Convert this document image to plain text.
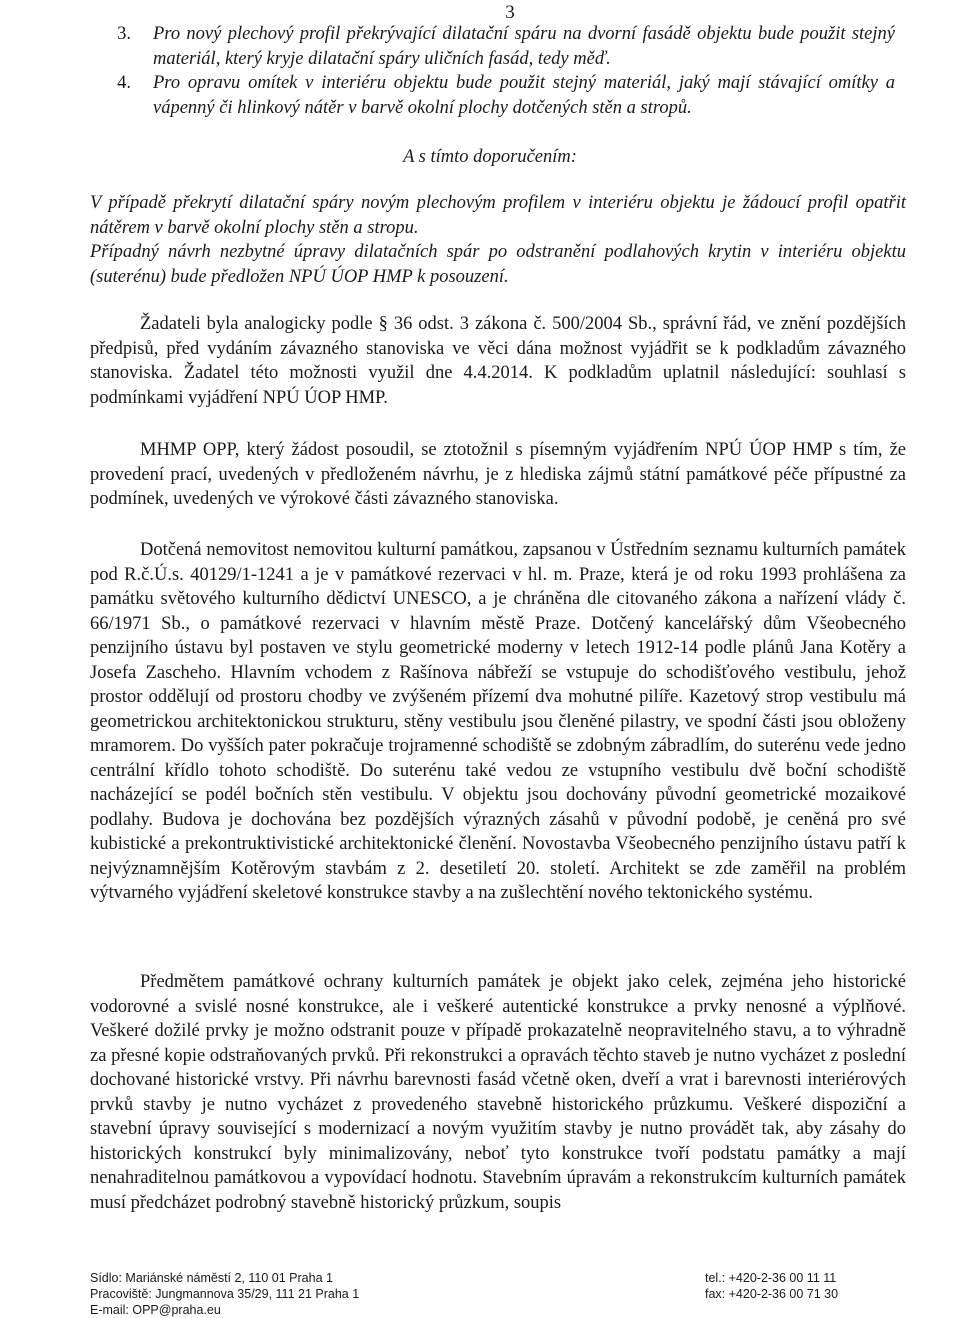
3
3. Pro nový plechový profil překrývající dilatační spáru na dvorní fasádě objektu bude použit stejný materiál, který kryje dilatační spáry uličních fasád, tedy měď.
4. Pro opravu omítek v interiéru objektu bude použit stejný materiál, jaký mají stávající omítky a vápenný či hlinkový nátěr v barvě okolní plochy dotčených stěn a stropů.
A s tímto doporučením:

V případě překrytí dilatační spáry novým plechovým profilem v interiéru objektu je žádoucí profil opatřit nátěrem v barvě okolní plochy stěn a stropu.

Případný návrh nezbytné úpravy dilatačních spár po odstranění podlahových krytin v interiéru objektu (suterénu) bude předložen NPÚ ÚOP HMP k posouzení.

Žadateli byla analogicky podle § 36 odst. 3 zákona č. 500/2004 Sb., správní řád, ve znění pozdějších předpisů, před vydáním závazného stanoviska ve věci dána možnost vyjádřit se k podkladům závazného stanoviska. Žadatel této možnosti využil dne 4.4.2014. K podkladům uplatnil následující: souhlasí s podmínkami vyjádření NPÚ ÚOP HMP.

MHMP OPP, který žádost posoudil, se ztotožnil s písemným vyjádřením NPÚ ÚOP HMP s tím, že provedení prací, uvedených v předloženém návrhu, je z hlediska zájmů státní památkové péče přípustné za podmínek, uvedených ve výrokové části závazného stanoviska.

Dotčená nemovitost nemovitou kulturní památkou, zapsanou v Ústředním seznamu kulturních památek pod R.č.Ú.s. 40129/1-1241 a je v památkové rezervaci v hl. m. Praze, která je od roku 1993 prohlášena za památku světového kulturního dědictví UNESCO, a je chráněna dle citovaného zákona a nařízení vlády č. 66/1971 Sb., o památkové rezervaci v hlavním městě Praze. Dotčený kancelářský dům Všeobecného penzijního ústavu byl postaven ve stylu geometrické moderny v letech 1912-14 podle plánů Jana Kotěry a Josefa Zascheho. Hlavním vchodem z Rašínova nábřeží se vstupuje do schodišťového vestibulu, jehož prostor oddělují od prostoru chodby ve zvýšeném přízemí dva mohutné pilíře. Kazetový strop vestibulu má geometrickou architektonickou strukturu, stěny vestibulu jsou členěné pilastry, ve spodní části jsou obloženy mramorem. Do vyšších pater pokračuje trojramenné schodiště se zdobným zábradlím, do suterénu vede jedno centrální křídlo tohoto schodiště. Do suterénu také vedou ze vstupního vestibulu dvě boční schodiště nacházející se podél bočních stěn vestibulu. V objektu jsou dochovány původní geometrické mozaikové podlahy. Budova je dochována bez pozdějších výrazných zásahů v původní podobě, je ceněná pro své kubistické a prekontruktivistické architektonické členění. Novostavba Všeobecného penzijního ústavu patří k nejvýznamnějším Kotěrovým stavbám z 2. desetiletí 20. století. Architekt se zde zaměřil na problém výtvarného vyjádření skeletové konstrukce stavby a na zušlechtění nového tektonického systému.

Předmětem památkové ochrany kulturních památek je objekt jako celek, zejména jeho historické vodorovné a svislé nosné konstrukce, ale i veškeré autentické konstrukce a prvky nenosné a výplňové. Veškeré dožilé prvky je možno odstranit pouze v případě prokazatelně neopravitelného stavu, a to výhradně za přesné kopie odstraňovaných prvků. Při rekonstrukci a opravách těchto staveb je nutno vycházet z poslední dochované historické vrstvy. Při návrhu barevnosti fasád včetně oken, dveří a vrat i barevnosti interiérových prvků stavby je nutno vycházet z provedeného stavebně historického průzkumu. Veškeré dispoziční a stavební úpravy související s modernizací a novým využitím stavby je nutno provádět tak, aby zásahy do historických konstrukcí byly minimalizovány, neboť tyto konstrukce tvoří podstatu památky a mají nenahraditelnou památkovou a vypovídací hodnotu. Stavebním úpravám a rekonstrukcím kulturních památek musí předcházet podrobný stavebně historický průzkum, soupis

Sídlo: Mariánské náměstí 2, 110 01 Praha 1
Pracoviště: Jungmannova 35/29, 111 21 Praha 1
E-mail: OPP@praha.eu
tel.: +420-2-36 00 11 11
fax: +420-2-36 00 71 30
